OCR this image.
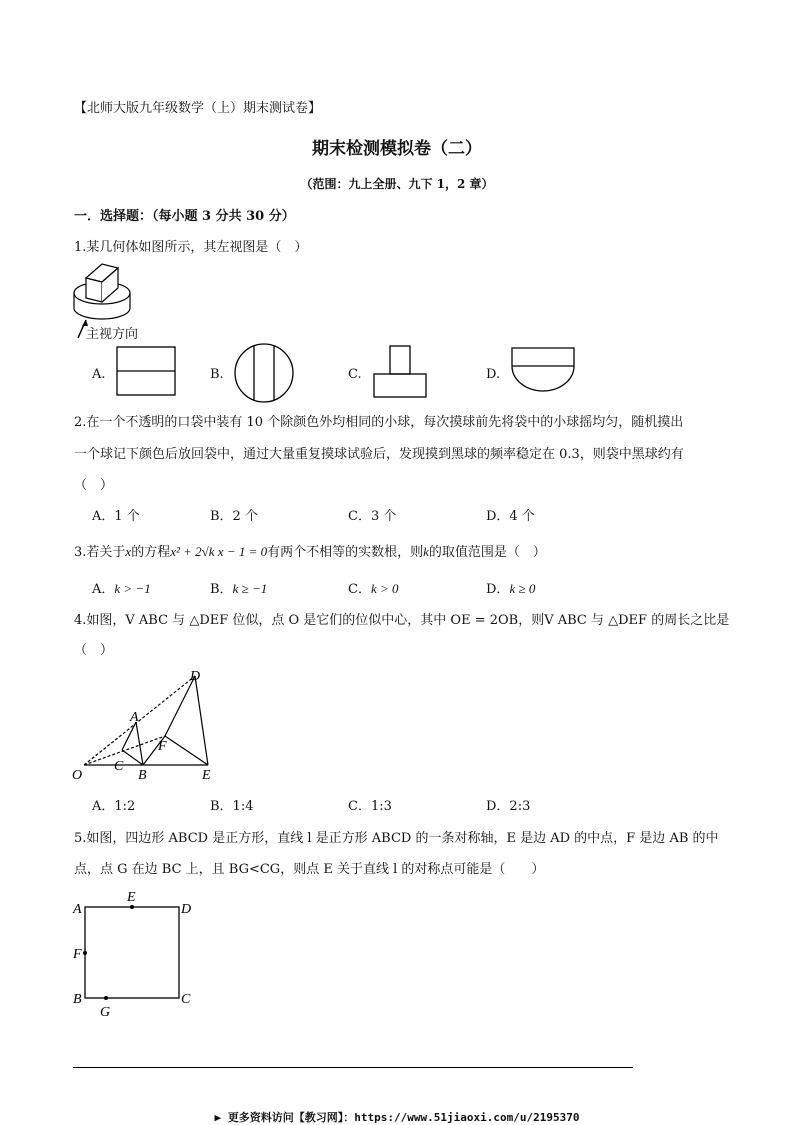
【北师大版九年级数学（上）期末测试卷】
期末检测模拟卷（二）
（范围：九上全册、九下 1，2 章）
一．选择题：（每小题 3 分共 30 分）
1.某几何体如图所示，其左视图是（　）
主视方向
A.	B.	C.	D.
2.在一个不透明的口袋中装有 10 个除颜色外均相同的小球，每次摸球前先将袋中的小球摇均匀，随机摸出
一个球记下颜色后放回袋中，通过大量重复摸球试验后，发现摸到黑球的频率稳定在 0.3，则袋中黑球约有
（　）
A．1 个	B．2 个	C．3 个	D．4 个
3.若关于x的方程x² + 2√k x − 1 = 0有两个不相等的实数根，则k的取值范围是（　）
A．k > −1	B．k ≥ −1	C．k > 0	D．k ≥ 0
4.如图，V ABC 与 △DEF 位似，点 O 是它们的位似中心，其中 OE = 2OB，则V ABC 与 △DEF 的周长之比是
（　）
D
A
F
C
O	B	E
A．1:2	B．1:4	C．1:3	D．2:3
5.如图，四边形 ABCD 是正方形，直线 l 是正方形 ABCD 的一条对称轴，E 是边 AD 的中点，F 是边 AB 的中
点，点 G 在边 BC 上，且 BG<CG，则点 E 关于直线 l 的对称点可能是（　　）
A
E
D
F
B	C
G
▶ 更多资料访问【教习网】：https://www.51jiaoxi.com/u/2195370
